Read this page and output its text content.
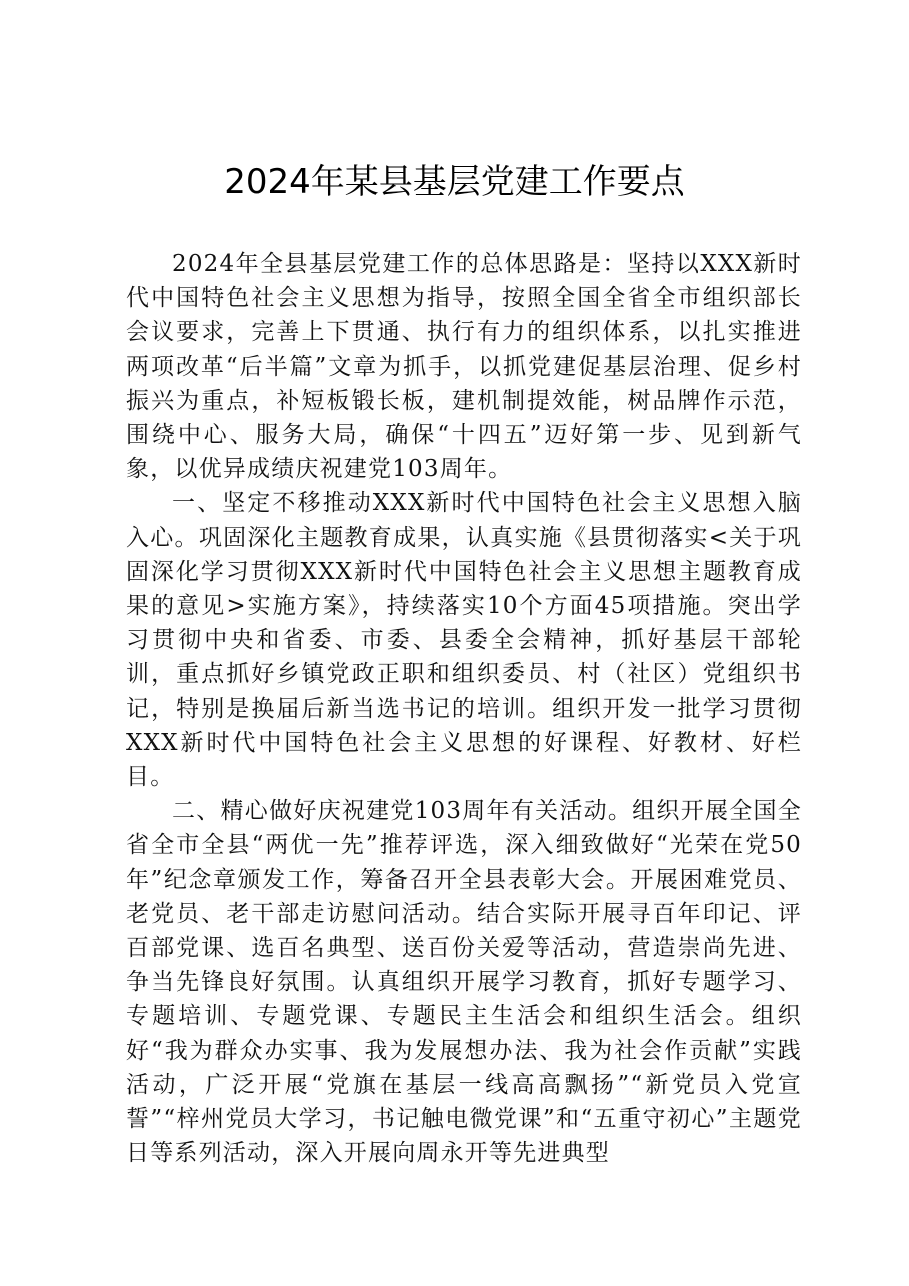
2024年某县基层党建工作要点

2024年全县基层党建工作的总体思路是：坚持以XXX新时代中国特色社会主义思想为指导，按照全国全省全市组织部长会议要求，完善上下贯通、执行有力的组织体系，以扎实推进两项改革“后半篇”文章为抓手，以抓党建促基层治理、促乡村振兴为重点，补短板锻长板，建机制提效能，树品牌作示范，围绕中心、服务大局，确保“十四五”迈好第一步、见到新气象，以优异成绩庆祝建党103周年。

一、坚定不移推动XXX新时代中国特色社会主义思想入脑入心。巩固深化主题教育成果，认真实施《县贯彻落实<关于巩固深化学习贯彻XXX新时代中国特色社会主义思想主题教育成果的意见>实施方案》，持续落实10个方面45项措施。突出学习贯彻中央和省委、市委、县委全会精神，抓好基层干部轮训，重点抓好乡镇党政正职和组织委员、村（社区）党组织书记，特别是换届后新当选书记的培训。组织开发一批学习贯彻XXX新时代中国特色社会主义思想的好课程、好教材、好栏目。

二、精心做好庆祝建党103周年有关活动。组织开展全国全省全市全县“两优一先”推荐评选，深入细致做好“光荣在党50年”纪念章颁发工作，筹备召开全县表彰大会。开展困难党员、老党员、老干部走访慰问活动。结合实际开展寻百年印记、评百部党课、选百名典型、送百份关爱等活动，营造崇尚先进、争当先锋良好氛围。认真组织开展学习教育，抓好专题学习、专题培训、专题党课、专题民主生活会和组织生活会。组织好“我为群众办实事、我为发展想办法、我为社会作贡献”实践活动，广泛开展“党旗在基层一线高高飘扬”“新党员入党宣誓”“梓州党员大学习，书记触电微党课”和“五重守初心”主题党日等系列活动，深入开展向周永开等先进典型
